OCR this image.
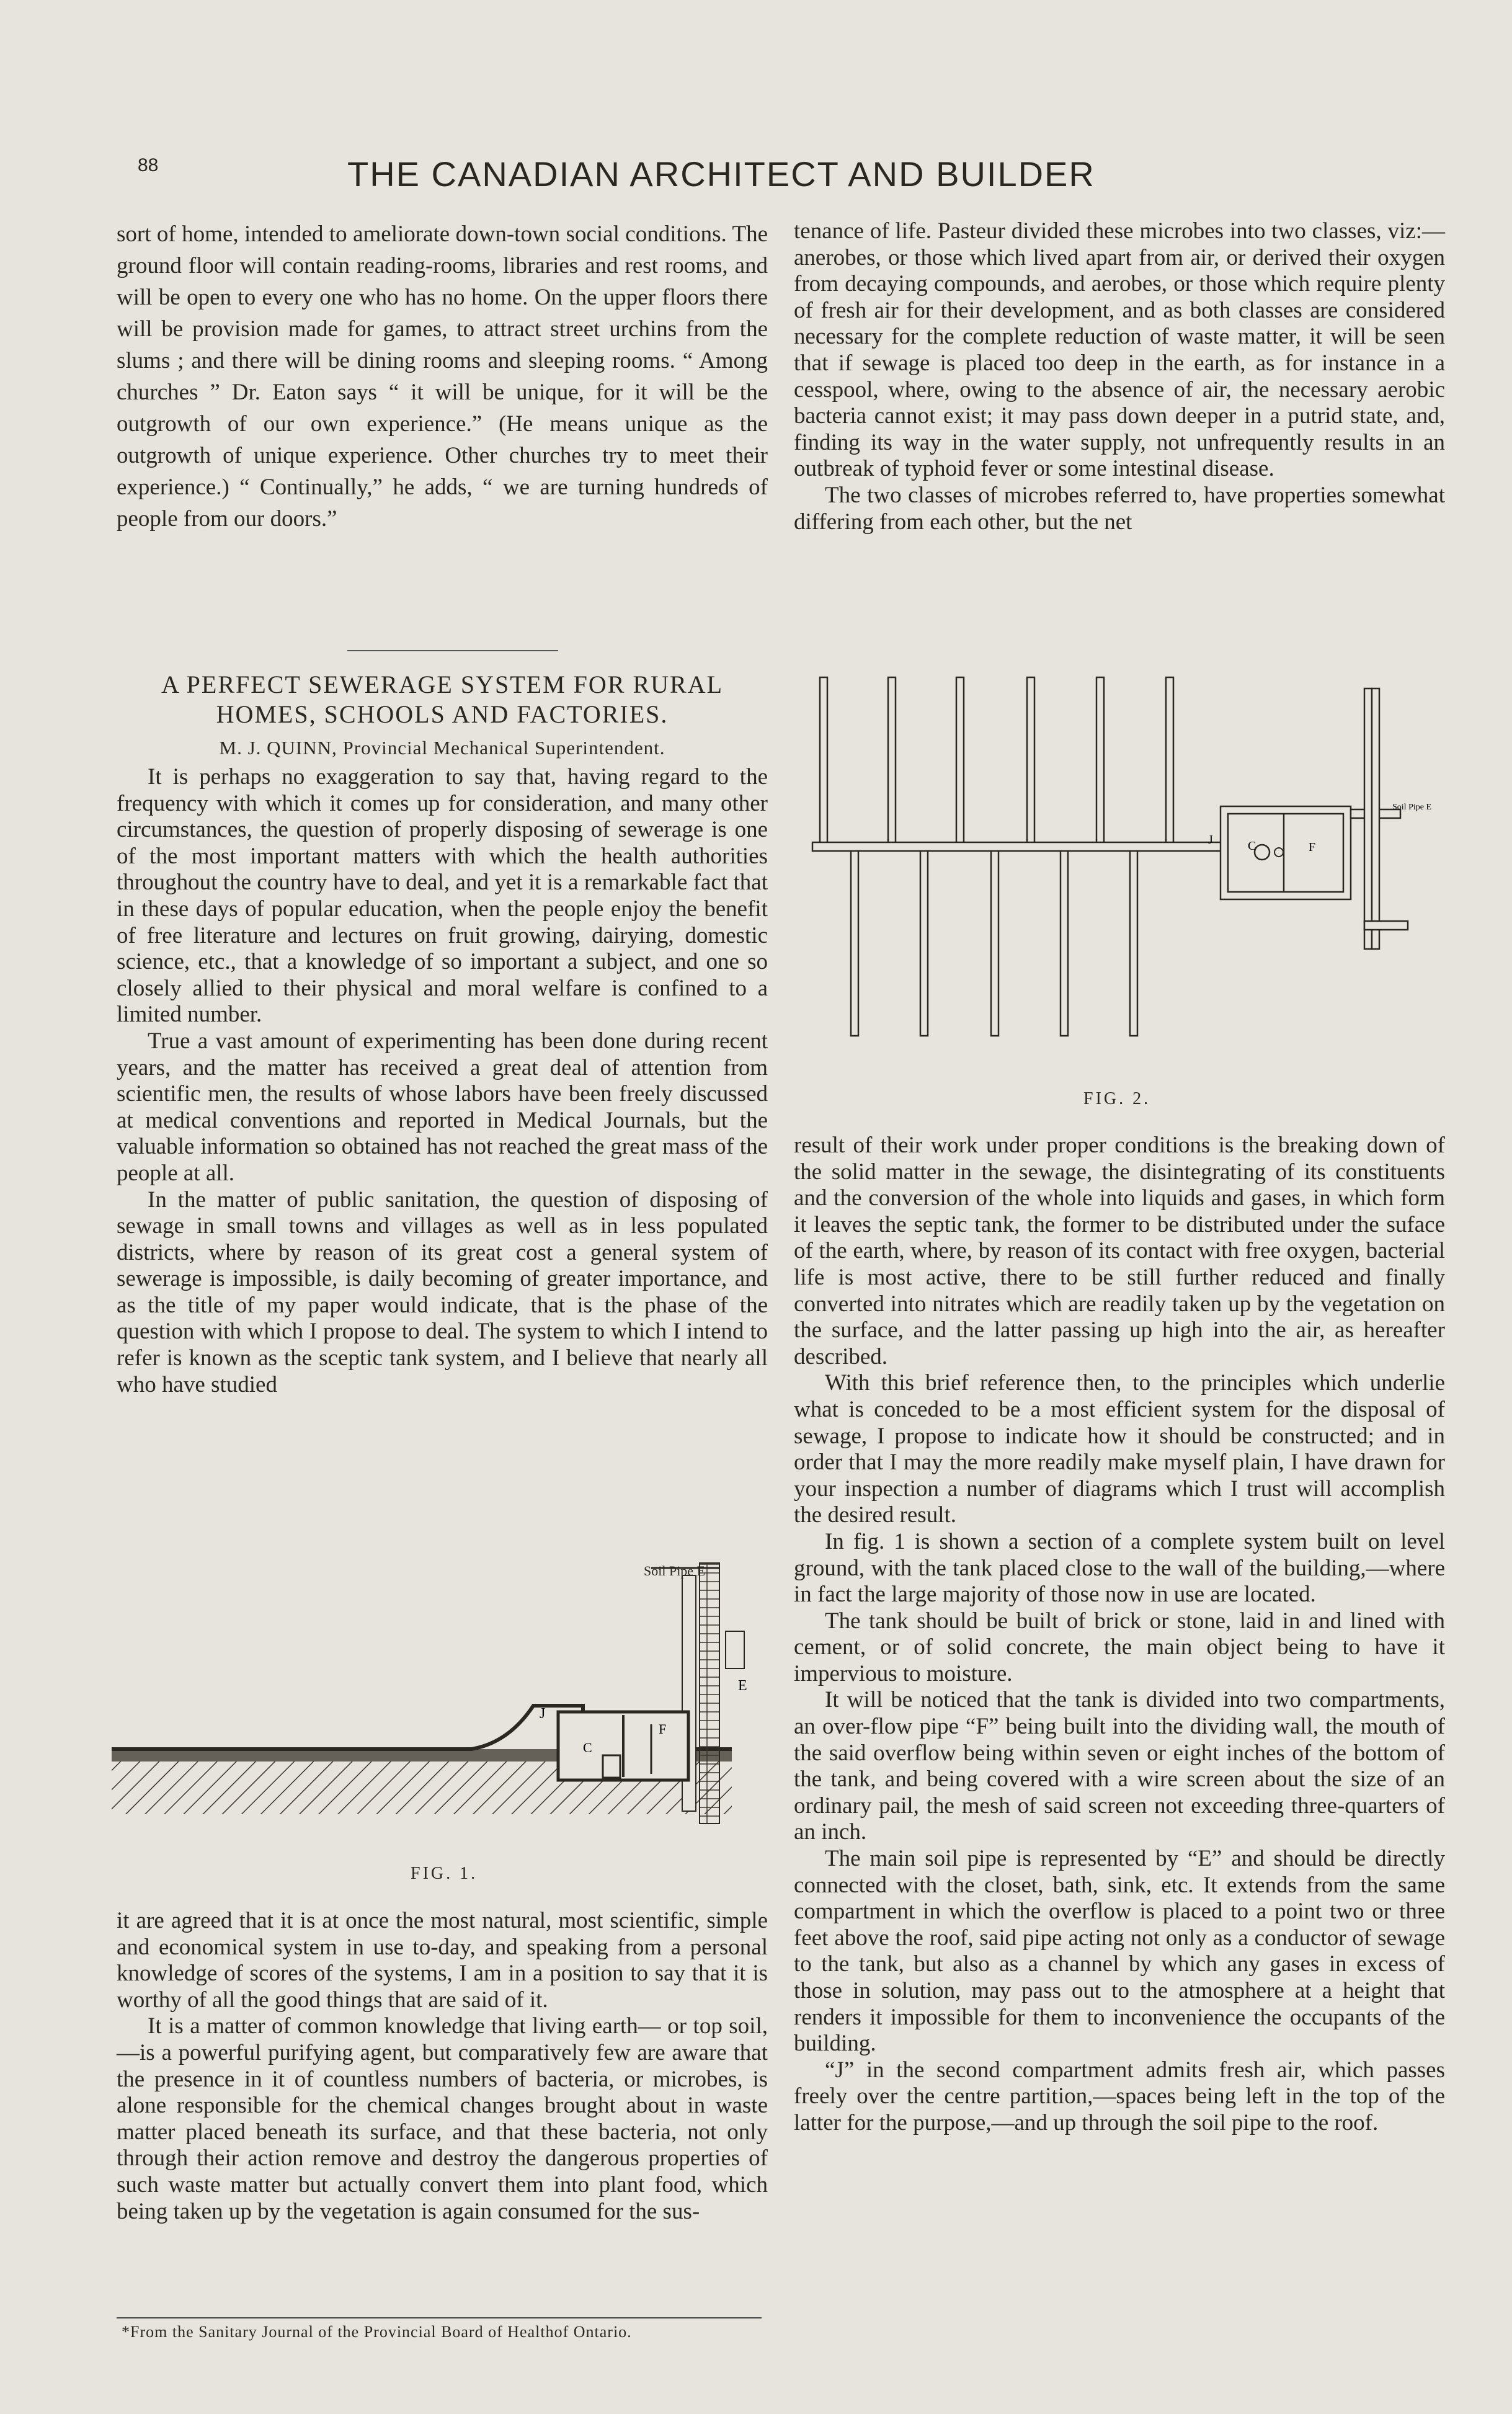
88	THE CANADIAN ARCHITECT AND BUILDER

sort of home, intended to ameliorate down-town social conditions. The ground floor will contain reading-rooms, libraries and rest rooms, and will be open to every one who has no home. On the upper floors there will be provision made for games, to attract street urchins from the slums ; and there will be dining rooms and sleeping rooms. “ Among churches ” Dr. Eaton says “ it will be unique, for it will be the outgrowth of our own experience.” (He means unique as the outgrowth of unique experience. Other churches try to meet their experience.) “ Continually,” he adds, “ we are turning hundreds of people from our doors.”

A PERFECT SEWERAGE SYSTEM FOR RURAL
HOMES, SCHOOLS AND FACTORIES.
M. J. QUINN, Provincial Mechanical Superintendent.

It is perhaps no exaggeration to say that, having regard to the frequency with which it comes up for consideration, and many other circumstances, the question of properly disposing of sewerage is one of the most important matters with which the health authorities throughout the country have to deal, and yet it is a remarkable fact that in these days of popular education, when the people enjoy the benefit of free literature and lectures on fruit growing, dairying, domestic science, etc., that a knowledge of so important a subject, and one so closely allied to their physical and moral welfare is confined to a limited number.

True a vast amount of experimenting has been done during recent years, and the matter has received a great deal of attention from scientific men, the results of whose labors have been freely discussed at medical conventions and reported in Medical Journals, but the valuable information so obtained has not reached the great mass of the people at all.

In the matter of public sanitation, the question of disposing of sewage in small towns and villages as well as in less populated districts, where by reason of its great cost a general system of sewerage is impossible, is daily becoming of greater importance, and as the title of my paper would indicate, that is the phase of the question with which I propose to deal. The system to which I intend to refer is known as the sceptic tank system, and I believe that nearly all who have studied

Soil Pipe E
E
J
C
F
FIG. 1.

it are agreed that it is at once the most natural, most scientific, simple and economical system in use to-day, and speaking from a personal knowledge of scores of the systems, I am in a position to say that it is worthy of all the good things that are said of it.

It is a matter of common knowledge that living earth— or top soil,—is a powerful purifying agent, but comparatively few are aware that the presence in it of countless numbers of bacteria, or microbes, is alone responsible for the chemical changes brought about in waste matter placed beneath its surface, and that these bacteria, not only through their action remove and destroy the dangerous properties of such waste matter but actually convert them into plant food, which being taken up by the vegetation is again consumed for the sus-

*From the Sanitary Journal of the Provincial Board of Healthof Ontario.

tenance of life. Pasteur divided these microbes into two classes, viz:—anerobes, or those which lived apart from air, or derived their oxygen from decaying compounds, and aerobes, or those which require plenty of fresh air for their development, and as both classes are considered necessary for the complete reduction of waste matter, it will be seen that if sewage is placed too deep in the earth, as for instance in a cesspool, where, owing to the absence of air, the necessary aerobic bacteria cannot exist; it may pass down deeper in a putrid state, and, finding its way in the water supply, not unfrequently results in an outbreak of typhoid fever or some intestinal disease.

The two classes of microbes referred to, have properties somewhat differing from each other, but the net

Soil Pipe E
J	C	F
FIG. 2.

result of their work under proper conditions is the breaking down of the solid matter in the sewage, the disintegrating of its constituents and the conversion of the whole into liquids and gases, in which form it leaves the septic tank, the former to be distributed under the suface of the earth, where, by reason of its contact with free oxygen, bacterial life is most active, there to be still further reduced and finally converted into nitrates which are readily taken up by the vegetation on the surface, and the latter passing up high into the air, as hereafter described.

With this brief reference then, to the principles which underlie what is conceded to be a most efficient system for the disposal of sewage, I propose to indicate how it should be constructed; and in order that I may the more readily make myself plain, I have drawn for your inspection a number of diagrams which I trust will accomplish the desired result.

In fig. 1 is shown a section of a complete system built on level ground, with the tank placed close to the wall of the building,—where in fact the large majority of those now in use are located.

The tank should be built of brick or stone, laid in and lined with cement, or of solid concrete, the main object being to have it impervious to moisture.

It will be noticed that the tank is divided into two compartments, an over-flow pipe “F” being built into the dividing wall, the mouth of the said overflow being within seven or eight inches of the bottom of the tank, and being covered with a wire screen about the size of an ordinary pail, the mesh of said screen not exceeding three-quarters of an inch.

The main soil pipe is represented by “E” and should be directly connected with the closet, bath, sink, etc. It extends from the same compartment in which the overflow is placed to a point two or three feet above the roof, said pipe acting not only as a conductor of sewage to the tank, but also as a channel by which any gases in excess of those in solution, may pass out to the atmosphere at a height that renders it impossible for them to inconvenience the occupants of the building.

“J” in the second compartment admits fresh air, which passes freely over the centre partition,—spaces being left in the top of the latter for the purpose,—and up through the soil pipe to the roof.
